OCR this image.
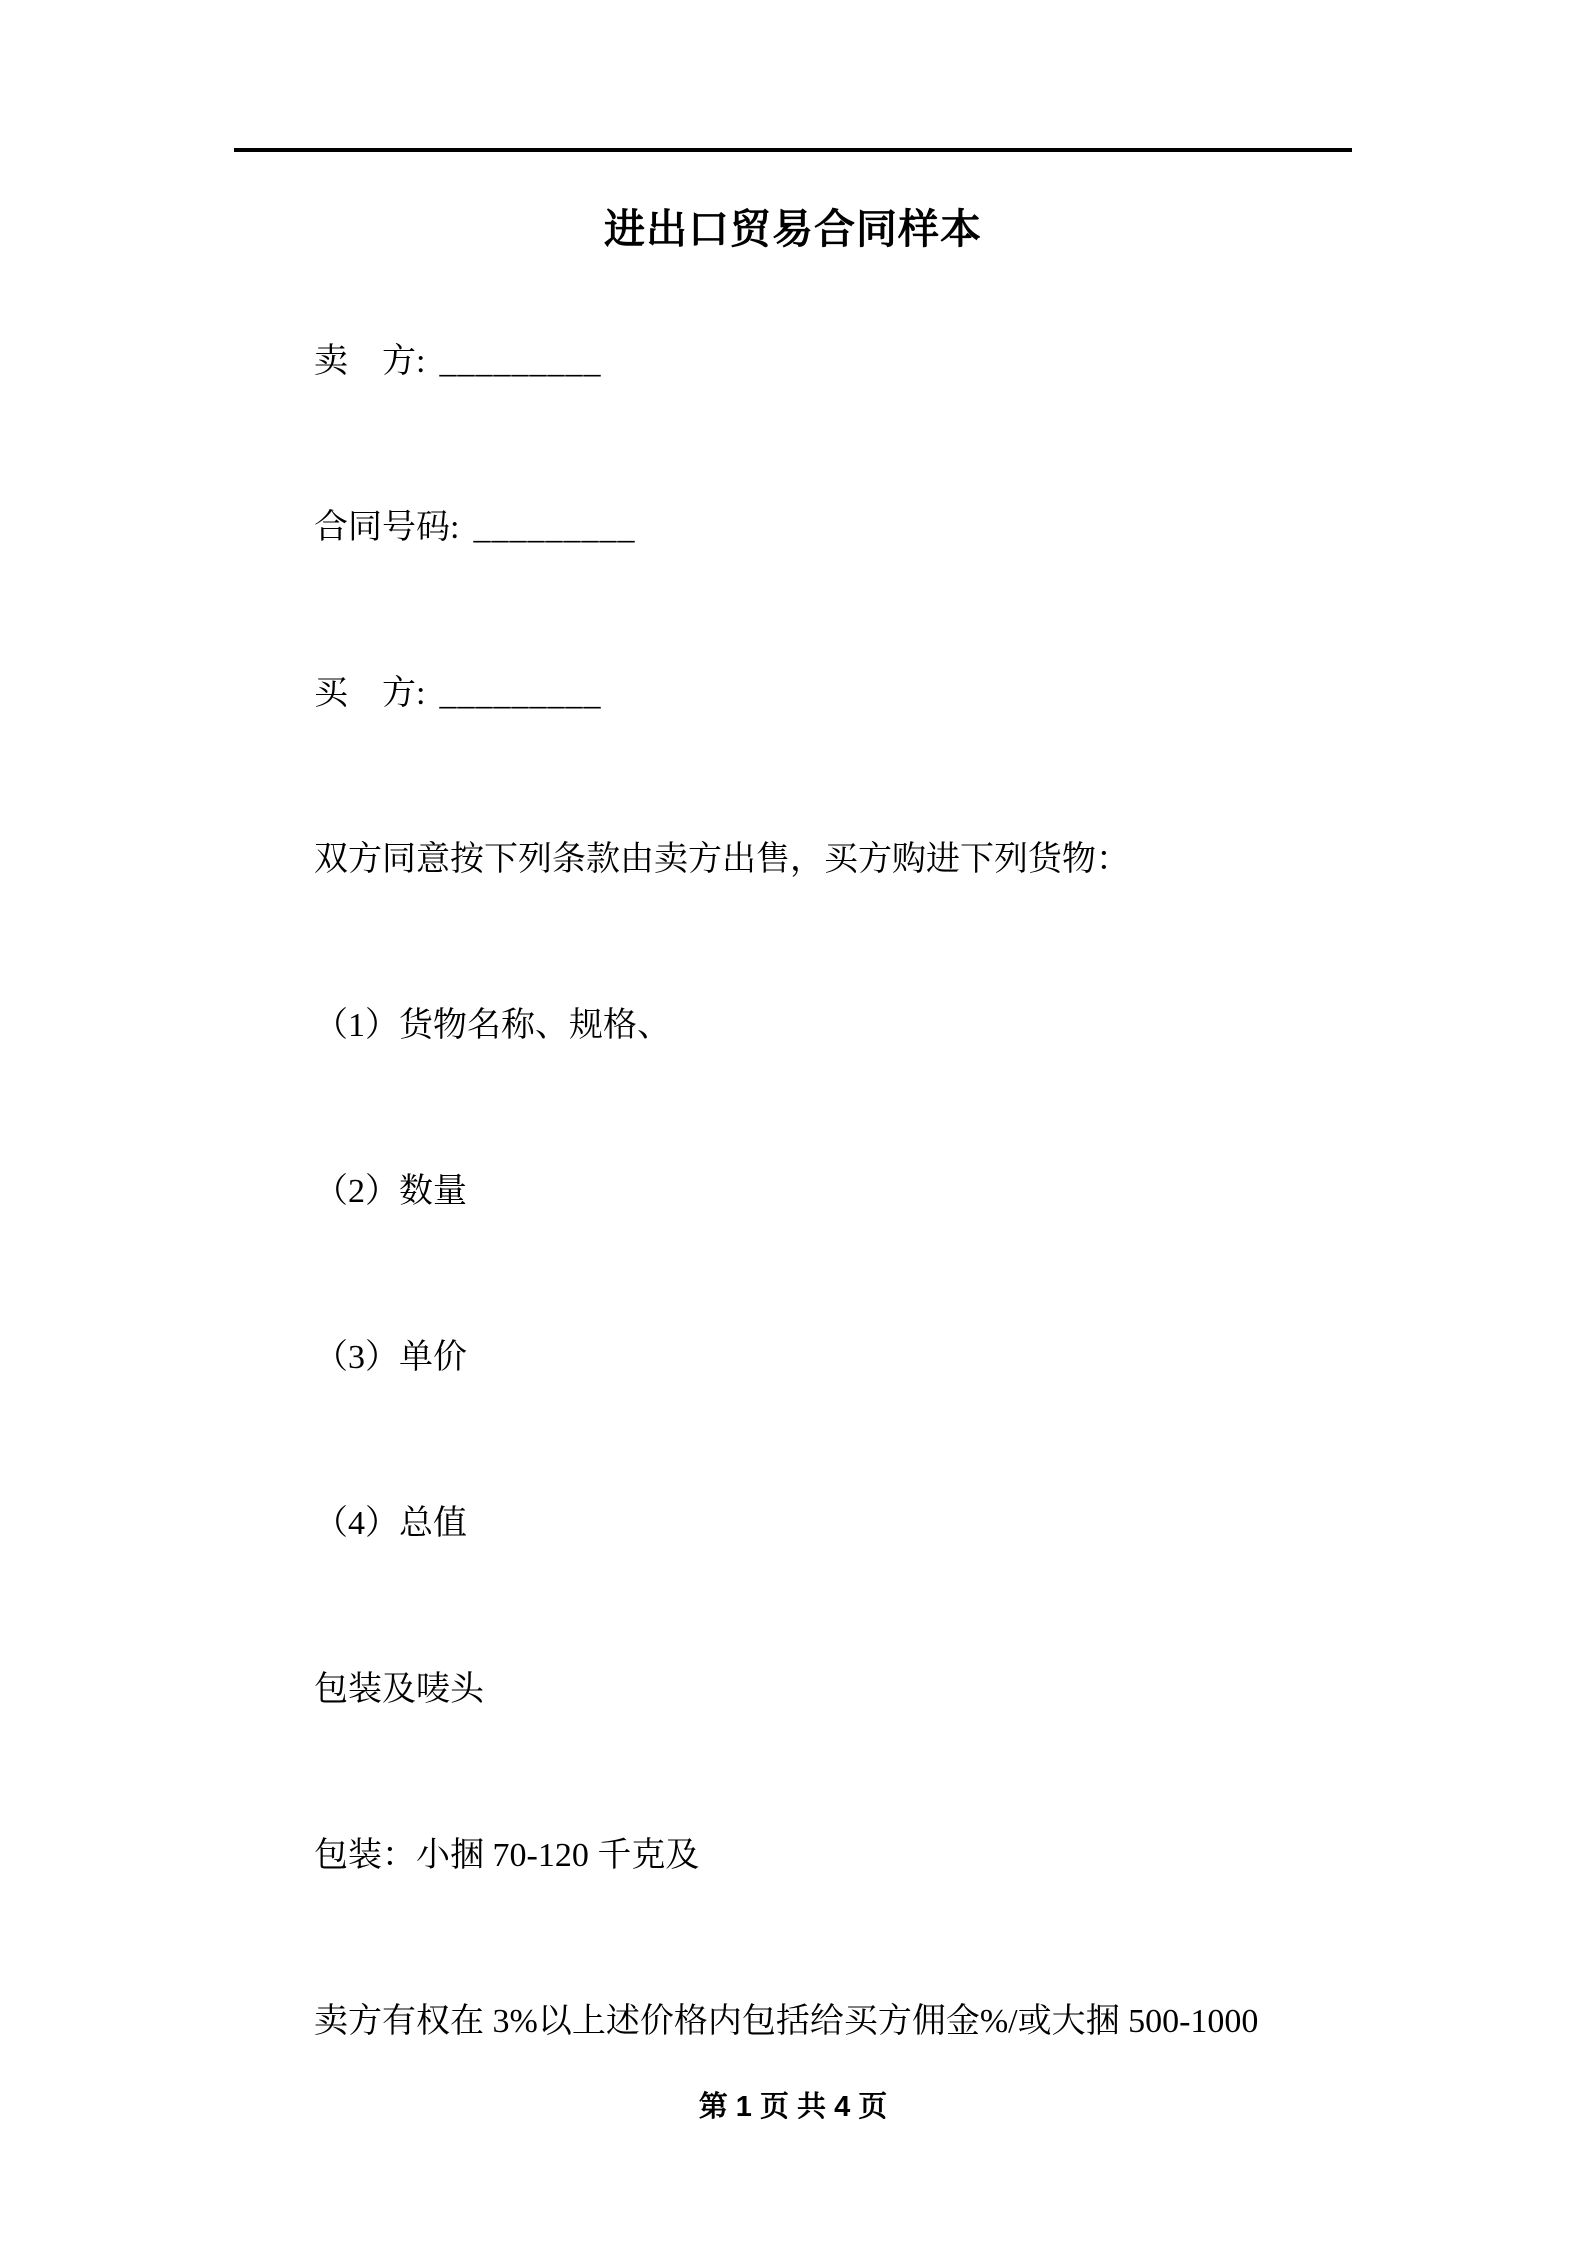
进出口贸易合同样本

卖　方: _________

合同号码: _________

买　方: _________

双方同意按下列条款由卖方出售，买方购进下列货物：

（1）货物名称、规格、

（2）数量

（3）单价

（4）总值

包装及唛头

包装：小捆 70-120 千克及

卖方有权在 3%以上述价格内包括给买方佣金%/或大捆 500-1000

第 1 页 共 4 页
